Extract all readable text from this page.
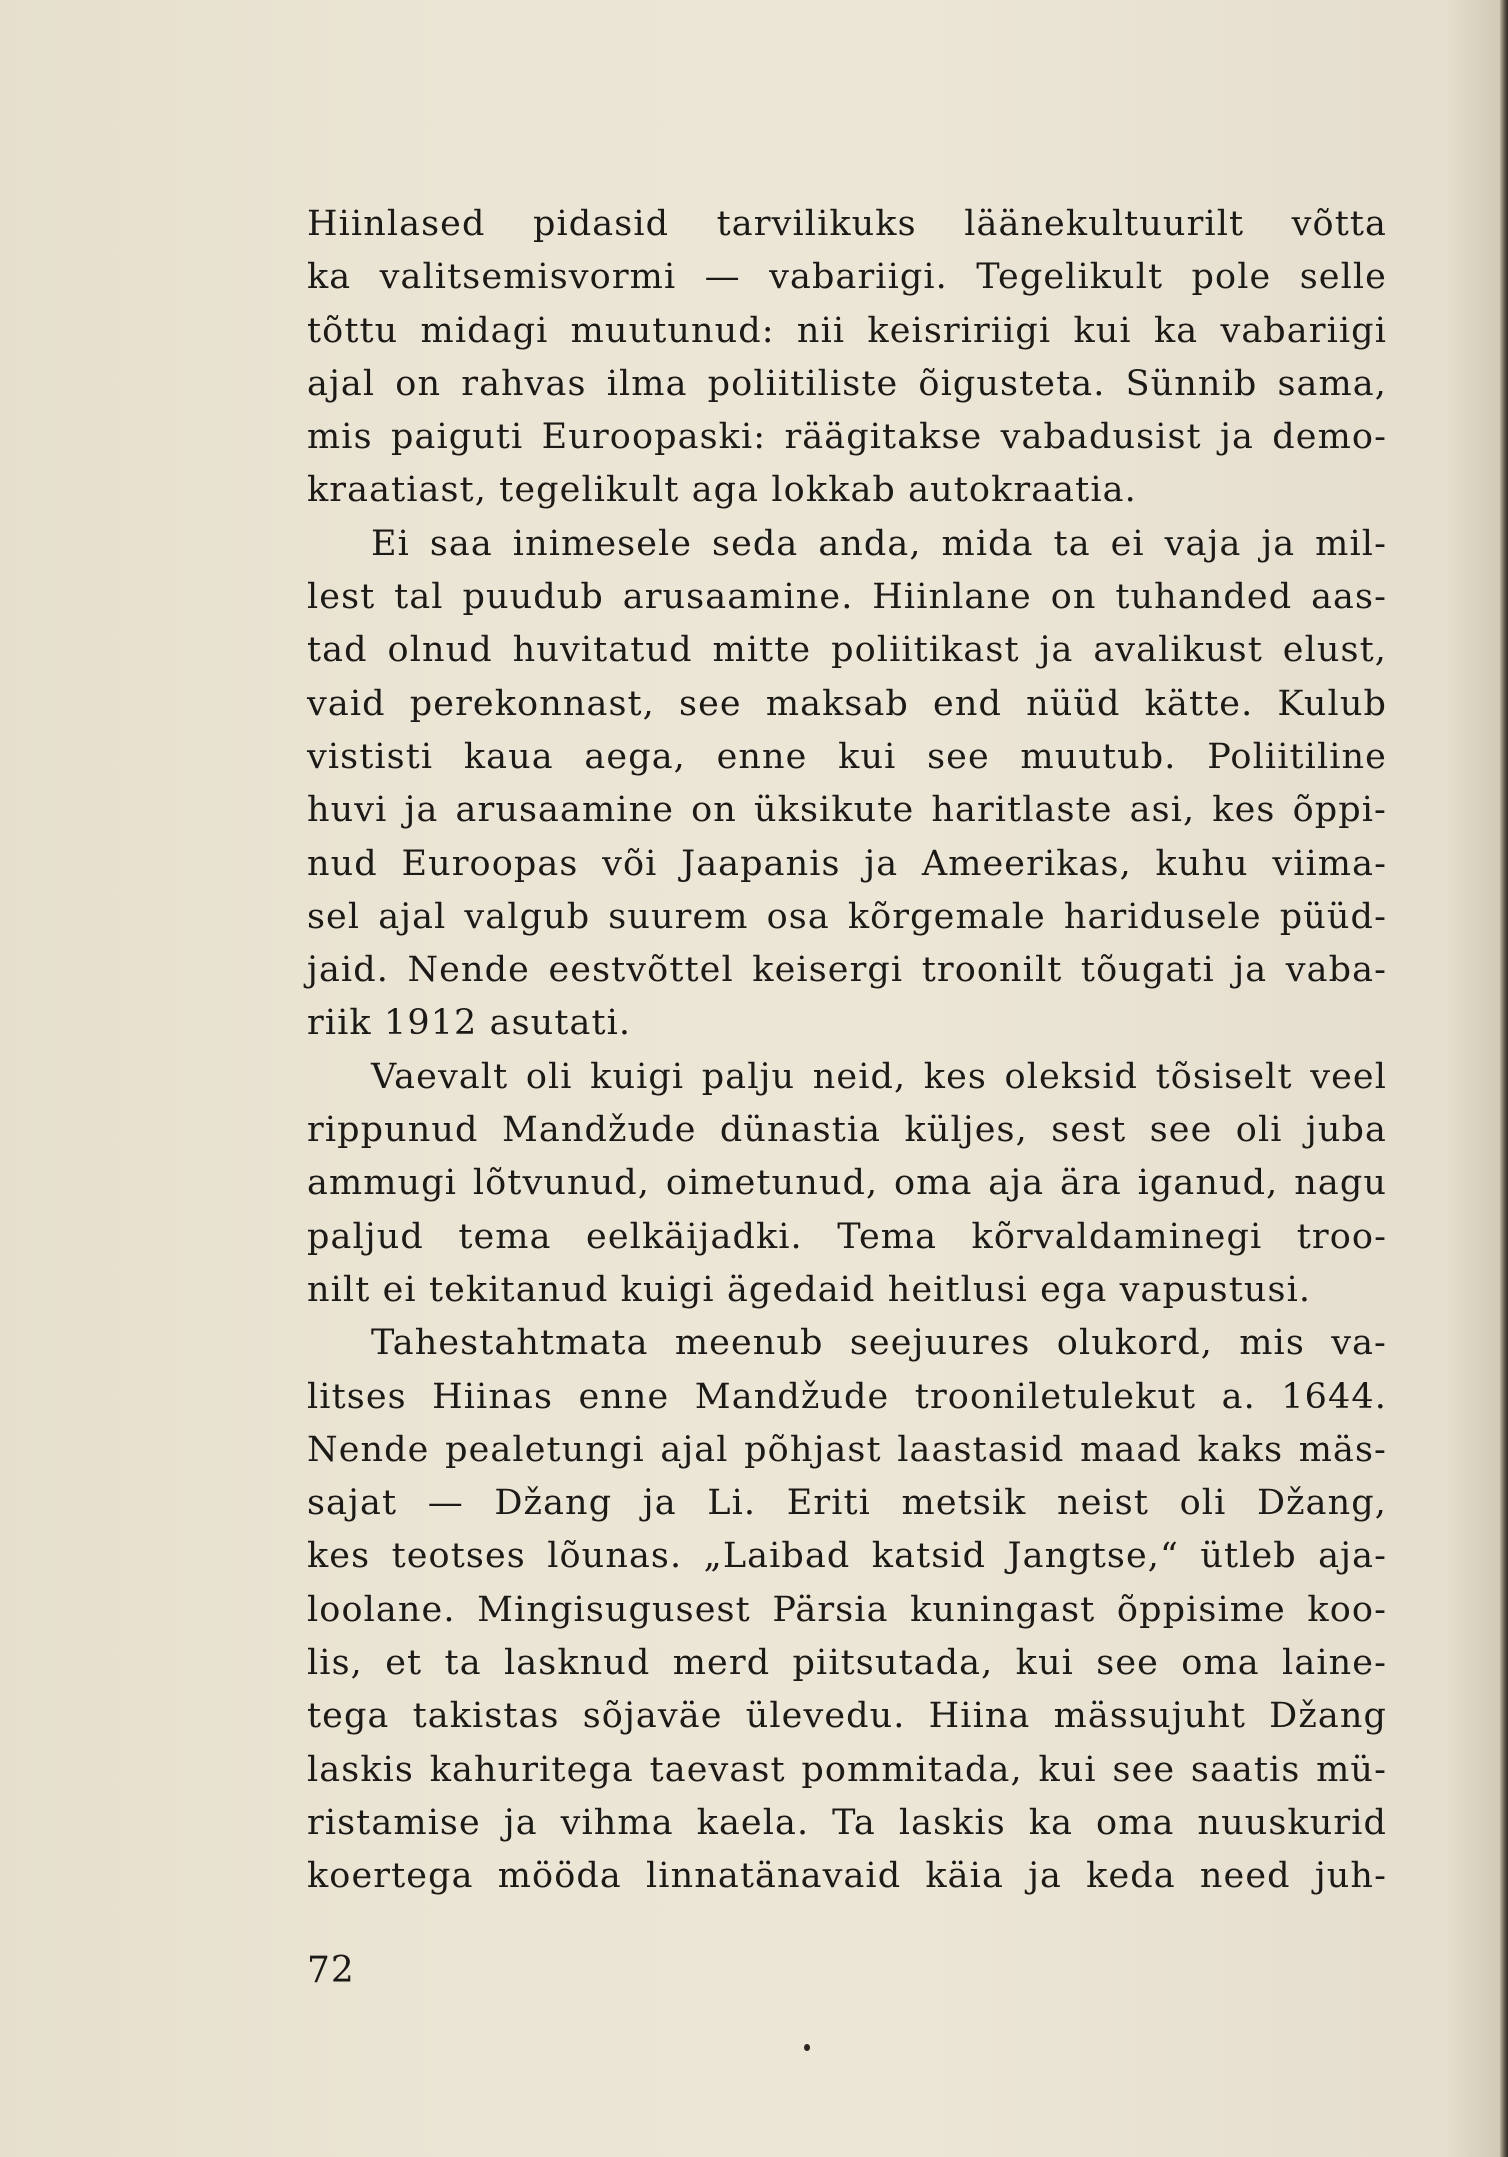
Hiinlased pidasid tarvilikuks läänekultuurilt võtta
ka valitsemisvormi — vabariigi. Tegelikult pole selle
tõttu midagi muutunud: nii keisririigi kui ka vabariigi
ajal on rahvas ilma poliitiliste õigusteta. Sünnib sama,
mis paiguti Euroopaski: räägitakse vabadusist ja demo-
kraatiast, tegelikult aga lokkab autokraatia.
Ei saa inimesele seda anda, mida ta ei vaja ja mil-
lest tal puudub arusaamine. Hiinlane on tuhanded aas-
tad olnud huvitatud mitte poliitikast ja avalikust elust,
vaid perekonnast, see maksab end nüüd kätte. Kulub
vististi kaua aega, enne kui see muutub. Poliitiline
huvi ja arusaamine on üksikute haritlaste asi, kes õppi-
nud Euroopas või Jaapanis ja Ameerikas, kuhu viima-
sel ajal valgub suurem osa kõrgemale haridusele püüd-
jaid. Nende eestvõttel keisergi troonilt tõugati ja vaba-
riik 1912 asutati.
Vaevalt oli kuigi palju neid, kes oleksid tõsiselt veel
rippunud Mandžude dünastia küljes, sest see oli juba
ammugi lõtvunud, oimetunud, oma aja ära iganud, nagu
paljud tema eelkäijadki. Tema kõrvaldaminegi troo-
nilt ei tekitanud kuigi ägedaid heitlusi ega vapustusi.
Tahestahtmata meenub seejuures olukord, mis va-
litses Hiinas enne Mandžude trooniletulekut a. 1644.
Nende pealetungi ajal põhjast laastasid maad kaks mäs-
sajat — Džang ja Li. Eriti metsik neist oli Džang,
kes teotses lõunas. „Laibad katsid Jangtse,“ ütleb aja-
loolane. Mingisugusest Pärsia kuningast õppisime koo-
lis, et ta lasknud merd piitsutada, kui see oma laine-
tega takistas sõjaväe ülevedu. Hiina mässujuht Džang
laskis kahuritega taevast pommitada, kui see saatis mü-
ristamise ja vihma kaela. Ta laskis ka oma nuuskurid
koertega mööda linnatänavaid käia ja keda need juh-
72
